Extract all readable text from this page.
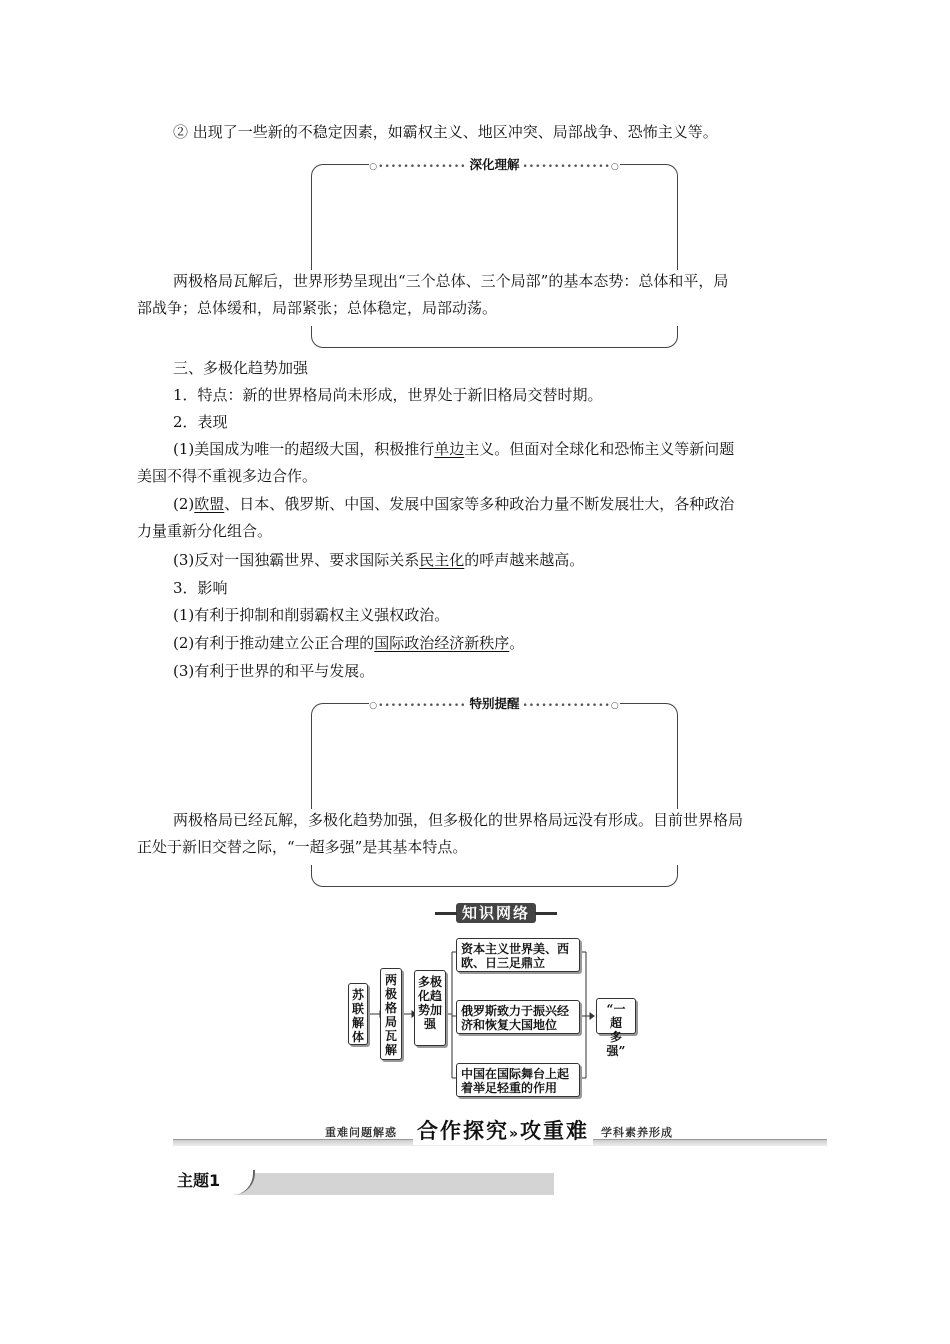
② 出现了一些新的不稳定因素，如霸权主义、地区冲突、局部战争、恐怖主义等。
○•••••••••••••• 深化理解 ••••••••••••••○
两极格局瓦解后，世界形势呈现出“三个总体、三个局部”的基本态势：总体和平，局
部战争；总体缓和，局部紧张；总体稳定，局部动荡。
三、多极化趋势加强
1．特点：新的世界格局尚未形成，世界处于新旧格局交替时期。
2．表现
(1)美国成为唯一的超级大国，积极推行单边主义。但面对全球化和恐怖主义等新问题
美国不得不重视多边合作。
(2)欧盟、日本、俄罗斯、中国、发展中国家等多种政治力量不断发展壮大，各种政治
力量重新分化组合。
(3)反对一国独霸世界、要求国际关系民主化的呼声越来越高。
3．影响
(1)有利于抑制和削弱霸权主义强权政治。
(2)有利于推动建立公正合理的国际政治经济新秩序。
(3)有利于世界的和平与发展。
○•••••••••••••• 特别提醒 ••••••••••••••○
两极格局已经瓦解，多极化趋势加强，但多极化的世界格局远没有形成。目前世界格局
正处于新旧交替之际，“一超多强”是其基本特点。
知识网络
苏
联
解
体
两
极
格
局
瓦
解
多极
化趋
势加
强
资本主义世界美、西
欧、日三足鼎立
俄罗斯致力于振兴经
济和恢复大国地位
中国在国际舞台上起
着举足轻重的作用
“一超
多强”
重难问题解惑 合作探究»攻重难	学科素养形成
主题1
